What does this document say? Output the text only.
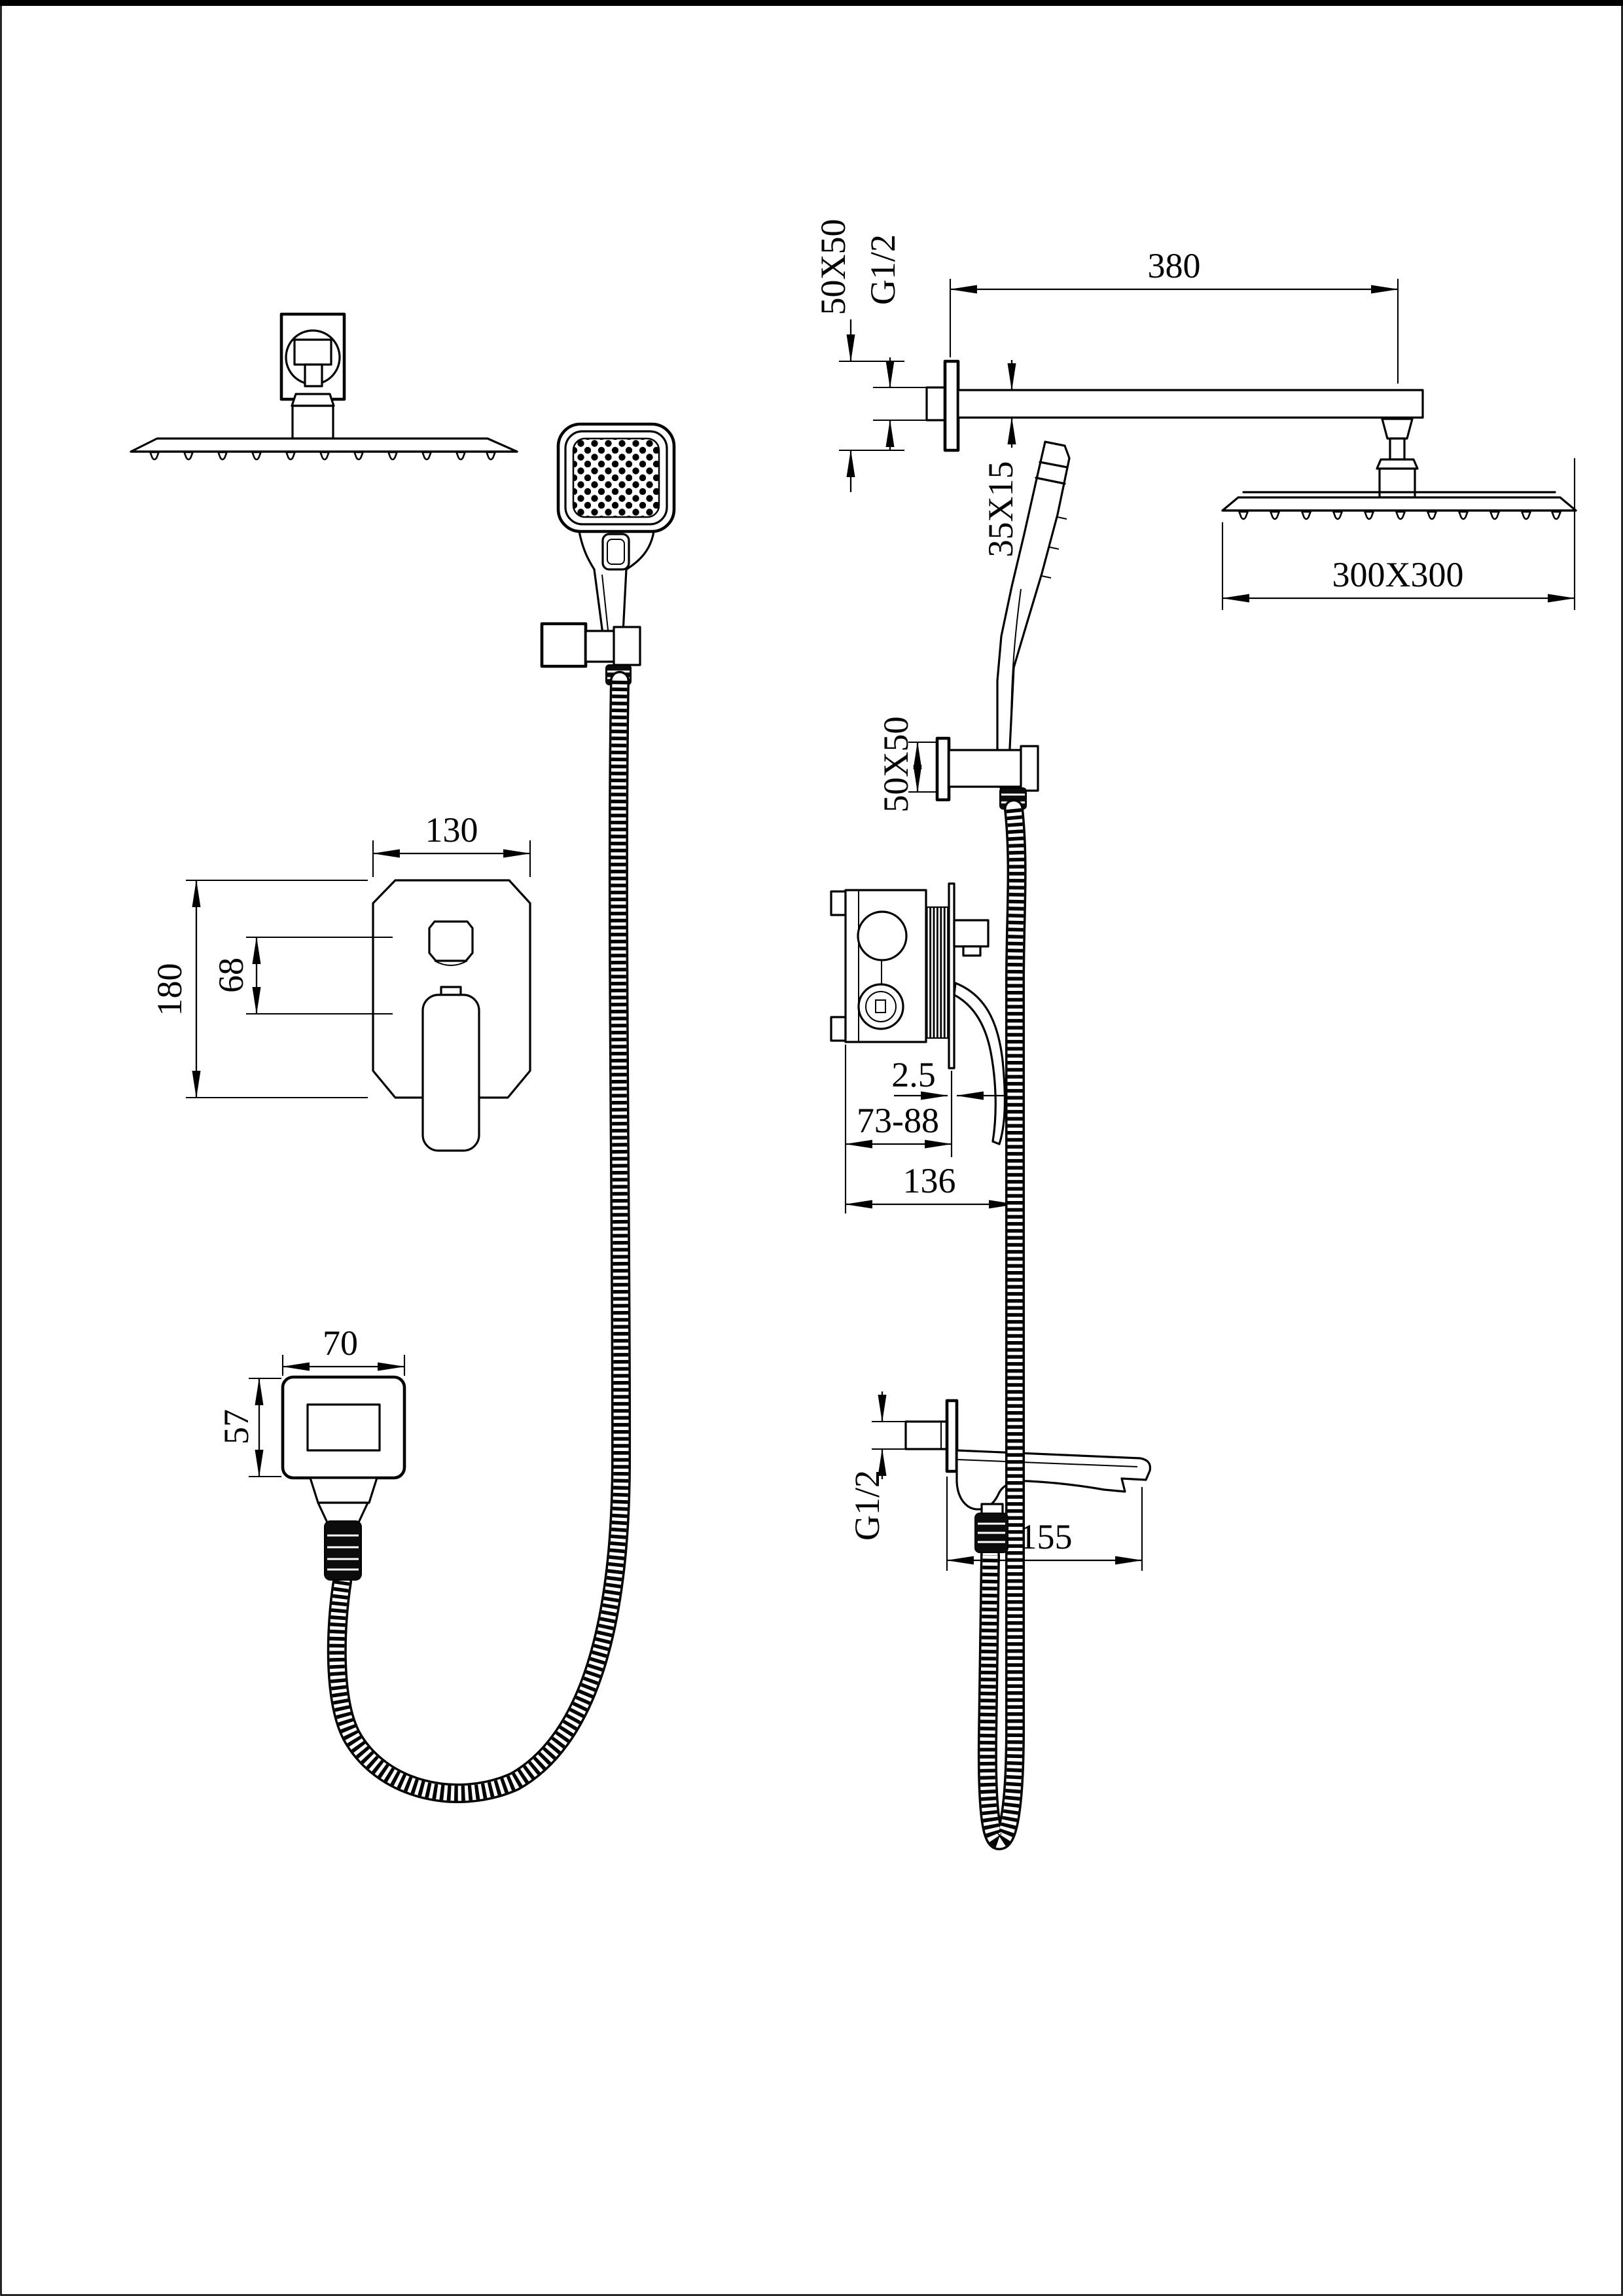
380
50X50 G1/2
35X15
300X300
130
180 68
2.5
73-88
136
50X50
70
57
G1/2	155
